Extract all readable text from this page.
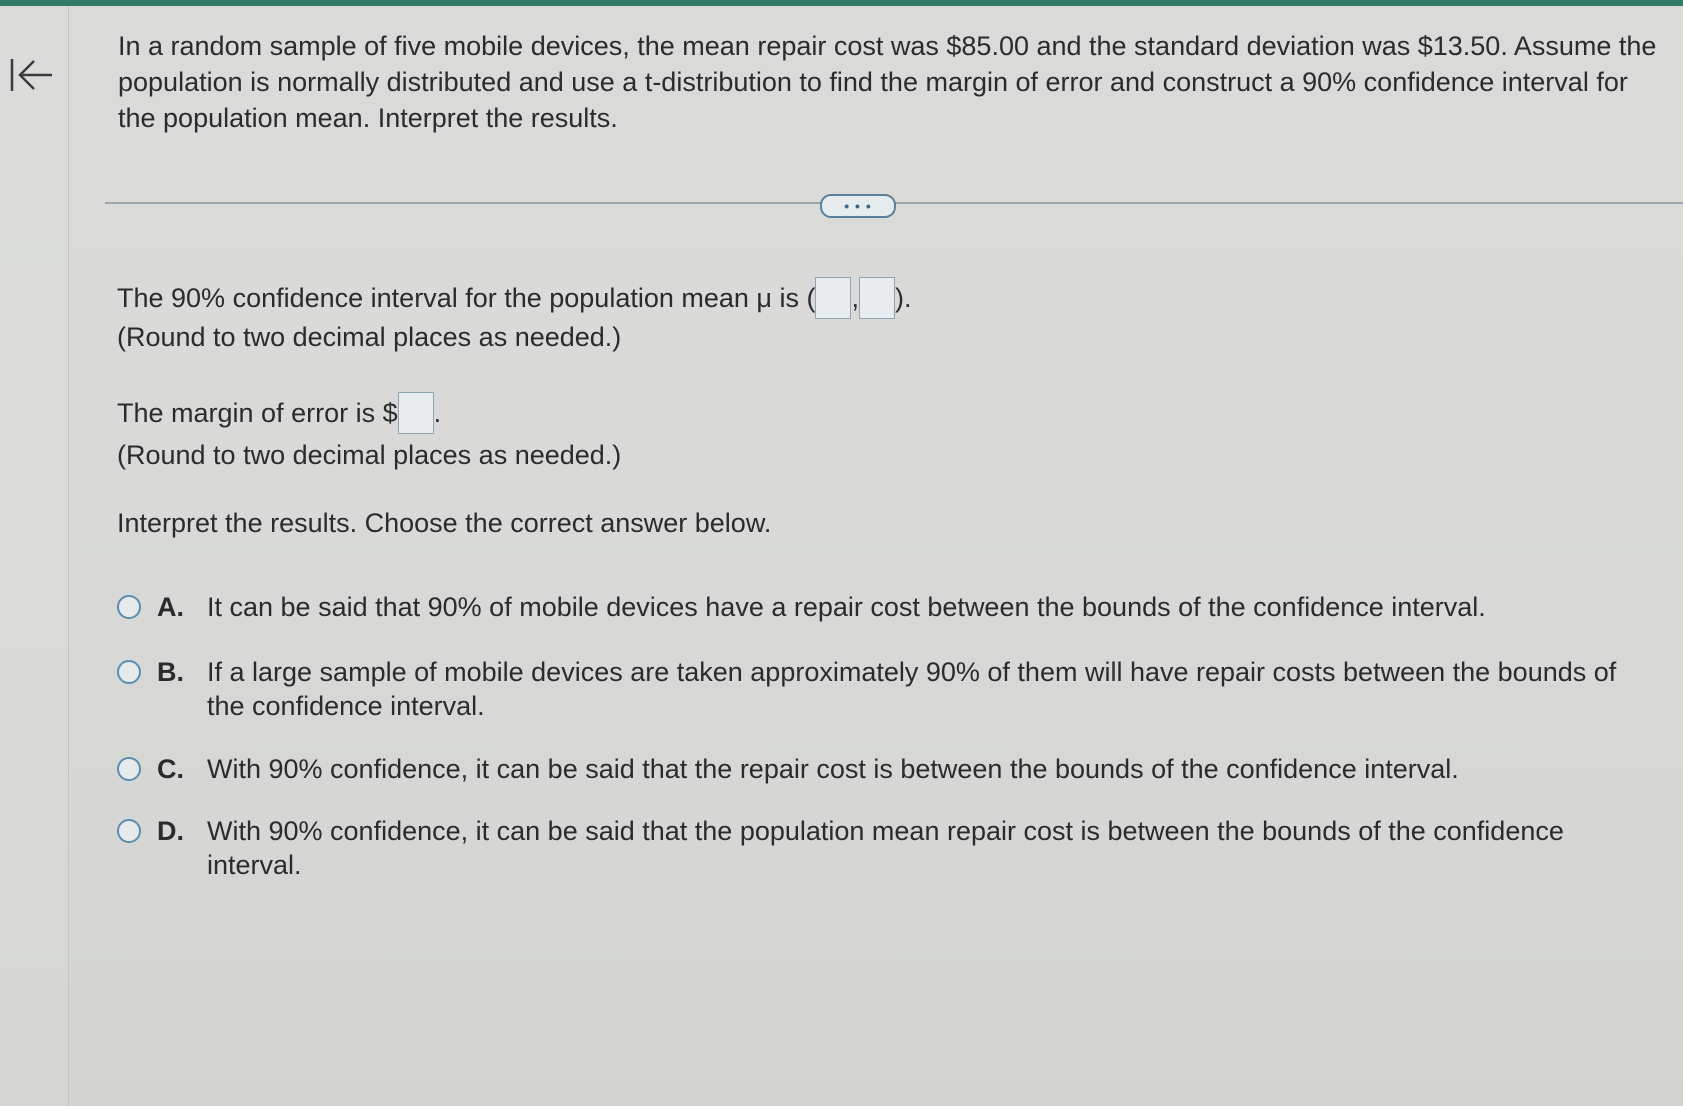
In a random sample of five mobile devices, the mean repair cost was $85.00 and the standard deviation was $13.50. Assume the population is normally distributed and use a t-distribution to find the margin of error and construct a 90% confidence interval for the population mean. Interpret the results.
• • •
The 90% confidence interval for the population mean μ is ( , ).
(Round to two decimal places as needed.)
The margin of error is $ .
(Round to two decimal places as needed.)
Interpret the results. Choose the correct answer below.
A. It can be said that 90% of mobile devices have a repair cost between the bounds of the confidence interval.
B. If a large sample of mobile devices are taken approximately 90% of them will have repair costs between the bounds of the confidence interval.
C. With 90% confidence, it can be said that the repair cost is between the bounds of the confidence interval.
D. With 90% confidence, it can be said that the population mean repair cost is between the bounds of the confidence interval.
